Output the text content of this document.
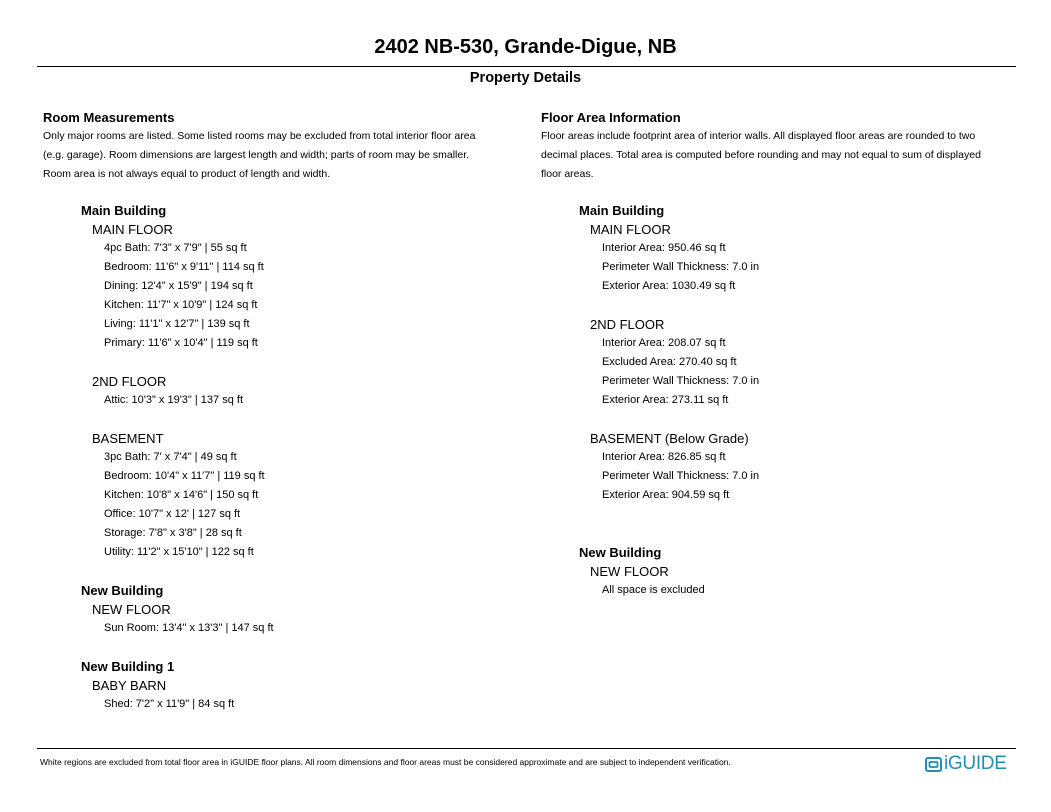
2402 NB-530, Grande-Digue, NB
Property Details

Room Measurements

Only major rooms are listed. Some listed rooms may be excluded from total interior floor area

(e.g. garage). Room dimensions are largest length and width; parts of room may be smaller.

Room area is not always equal to product of length and width.

Main Building
MAIN FLOOR
4pc Bath: 7'3" x 7'9" | 55 sq ft
Bedroom: 11'6" x 9'11" | 114 sq ft
Dining: 12'4" x 15'9" | 194 sq ft
Kitchen: 11'7" x 10'9" | 124 sq ft
Living: 11'1" x 12'7" | 139 sq ft
Primary: 11'6" x 10'4" | 119 sq ft
2ND FLOOR
Attic: 10'3" x 19'3" | 137 sq ft
BASEMENT
3pc Bath: 7' x 7'4" | 49 sq ft
Bedroom: 10'4" x 11'7" | 119 sq ft
Kitchen: 10'8" x 14'6" | 150 sq ft
Office: 10'7" x 12' | 127 sq ft
Storage: 7'8" x 3'8" | 28 sq ft
Utility: 11'2" x 15'10" | 122 sq ft
New Building
NEW FLOOR
Sun Room: 13'4" x 13'3" | 147 sq ft
New Building 1
BABY BARN
Shed: 7'2" x 11'9" | 84 sq ft

Floor Area Information

Floor areas include footprint area of interior walls. All displayed floor areas are rounded to two

decimal places. Total area is computed before rounding and may not equal to sum of displayed

floor areas.

Main Building
MAIN FLOOR
Interior Area: 950.46 sq ft
Perimeter Wall Thickness: 7.0 in
Exterior Area: 1030.49 sq ft
2ND FLOOR
Interior Area: 208.07 sq ft
Excluded Area: 270.40 sq ft
Perimeter Wall Thickness: 7.0 in
Exterior Area: 273.11 sq ft
BASEMENT (Below Grade)
Interior Area: 826.85 sq ft
Perimeter Wall Thickness: 7.0 in
Exterior Area: 904.59 sq ft
New Building
NEW FLOOR
All space is excluded
White regions are excluded from total floor area in iGUIDE floor plans. All room dimensions and floor areas must be considered approximate and are subject to independent verification.	iGUIDE
